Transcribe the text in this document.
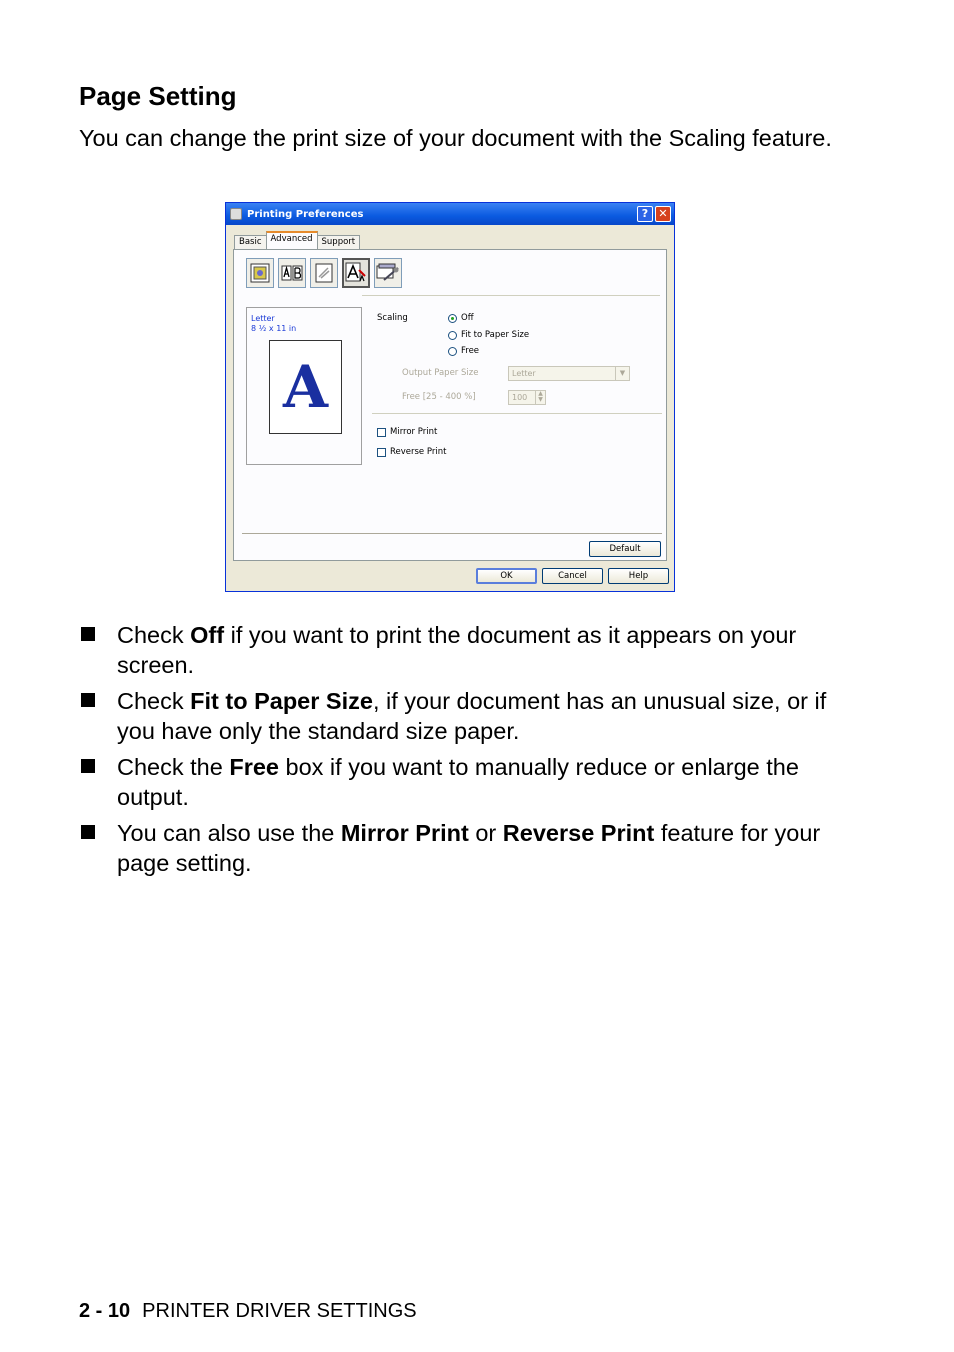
Page Setting

You can change the print size of your document with the Scaling feature.

Printing Preferences	? ✕
Basic	Advanced	Support
Letter
8 ½ x 11 in
A
Scaling	Off
Fit to Paper Size
Free
Output Paper Size	Letter	▼
Free [25 - 400 %]	100	▲
▼
Mirror Print
Reverse Print
Default
OK	Cancel	Help
Check Off if you want to print the document as it appears on your screen.
Check Fit to Paper Size, if your document has an unusual size, or if you have only the standard size paper.
Check the Free box if you want to manually reduce or enlarge the output.
You can also use the Mirror Print or Reverse Print feature for your page setting.
2 - 10 PRINTER DRIVER SETTINGS
